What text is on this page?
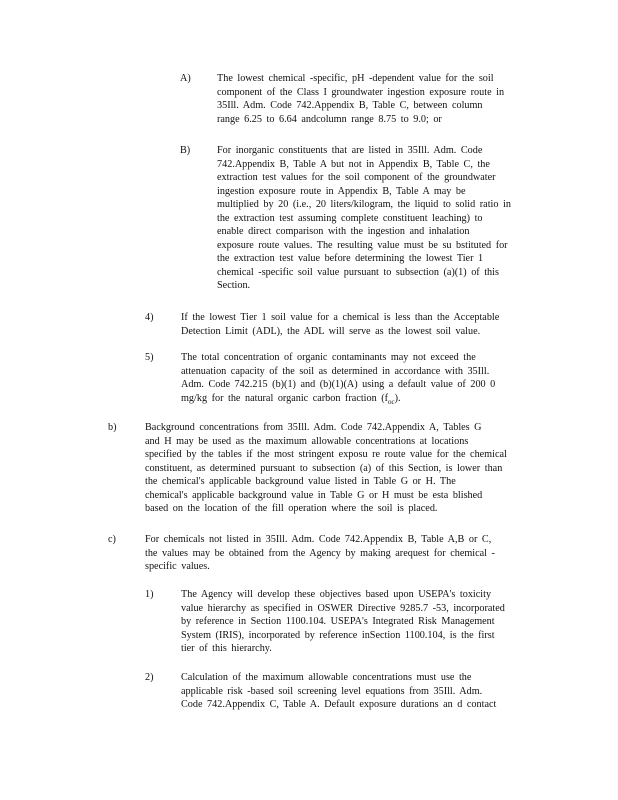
A)	The lowest chemical -specific, pH -dependent value for the soil
component of the Class I groundwater ingestion exposure route in
35Ill. Adm. Code 742.Appendix B, Table C, between column
range 6.25 to 6.64 andcolumn range 8.75 to 9.0; or
B)	For inorganic constituents that are listed in 35Ill. Adm. Code
742.Appendix B, Table A but not in Appendix B, Table C, the
extraction test values for the soil component of the groundwater
ingestion exposure route in Appendix B, Table A may be
multiplied by 20 (i.e., 20 liters/kilogram, the liquid to solid ratio in
the extraction test assuming complete constituent leaching) to
enable direct comparison with the ingestion and inhalation
exposure route values. The resulting value must be su bstituted for
the extraction test value before determining the lowest Tier 1
chemical -specific soil value pursuant to subsection (a)(1) of this
Section.
4)	If the lowest Tier 1 soil value for a chemical is less than the Acceptable
Detection Limit (ADL), the ADL will serve as the lowest soil value.
5)	The total concentration of organic contaminants may not exceed the
attenuation capacity of the soil as determined in accordance with 35Ill.
Adm. Code 742.215 (b)(1) and (b)(1)(A) using a default value of 200 0
mg/kg for the natural organic carbon fraction $(f_{oc})$.
b)	Background concentrations from 35Ill. Adm. Code 742.Appendix A, Tables G
and H may be used as the maximum allowable concentrations at locations
specified by the tables if the most stringent exposu re route value for the chemical
constituent, as determined pursuant to subsection (a) of this Section, is lower than
the chemical's applicable background value listed in Table G or H. The
chemical's applicable background value in Table G or H must be esta blished
based on the location of the fill operation where the soil is placed.
c)	For chemicals not listed in 35Ill. Adm. Code 742.Appendix B, Table A,B or C,
the values may be obtained from the Agency by making arequest for chemical -
specific values.
1)	The Agency will develop these objectives based upon USEPA's toxicity
value hierarchy as specified in OSWER Directive 9285.7 -53, incorporated
by reference in Section 1100.104. USEPA's Integrated Risk Management
System (IRIS), incorporated by reference inSection 1100.104, is the first
tier of this hierarchy.
2)	Calculation of the maximum allowable concentrations must use the
applicable risk -based soil screening level equations from 35Ill. Adm.
Code 742.Appendix C, Table A. Default exposure durations an d contact
